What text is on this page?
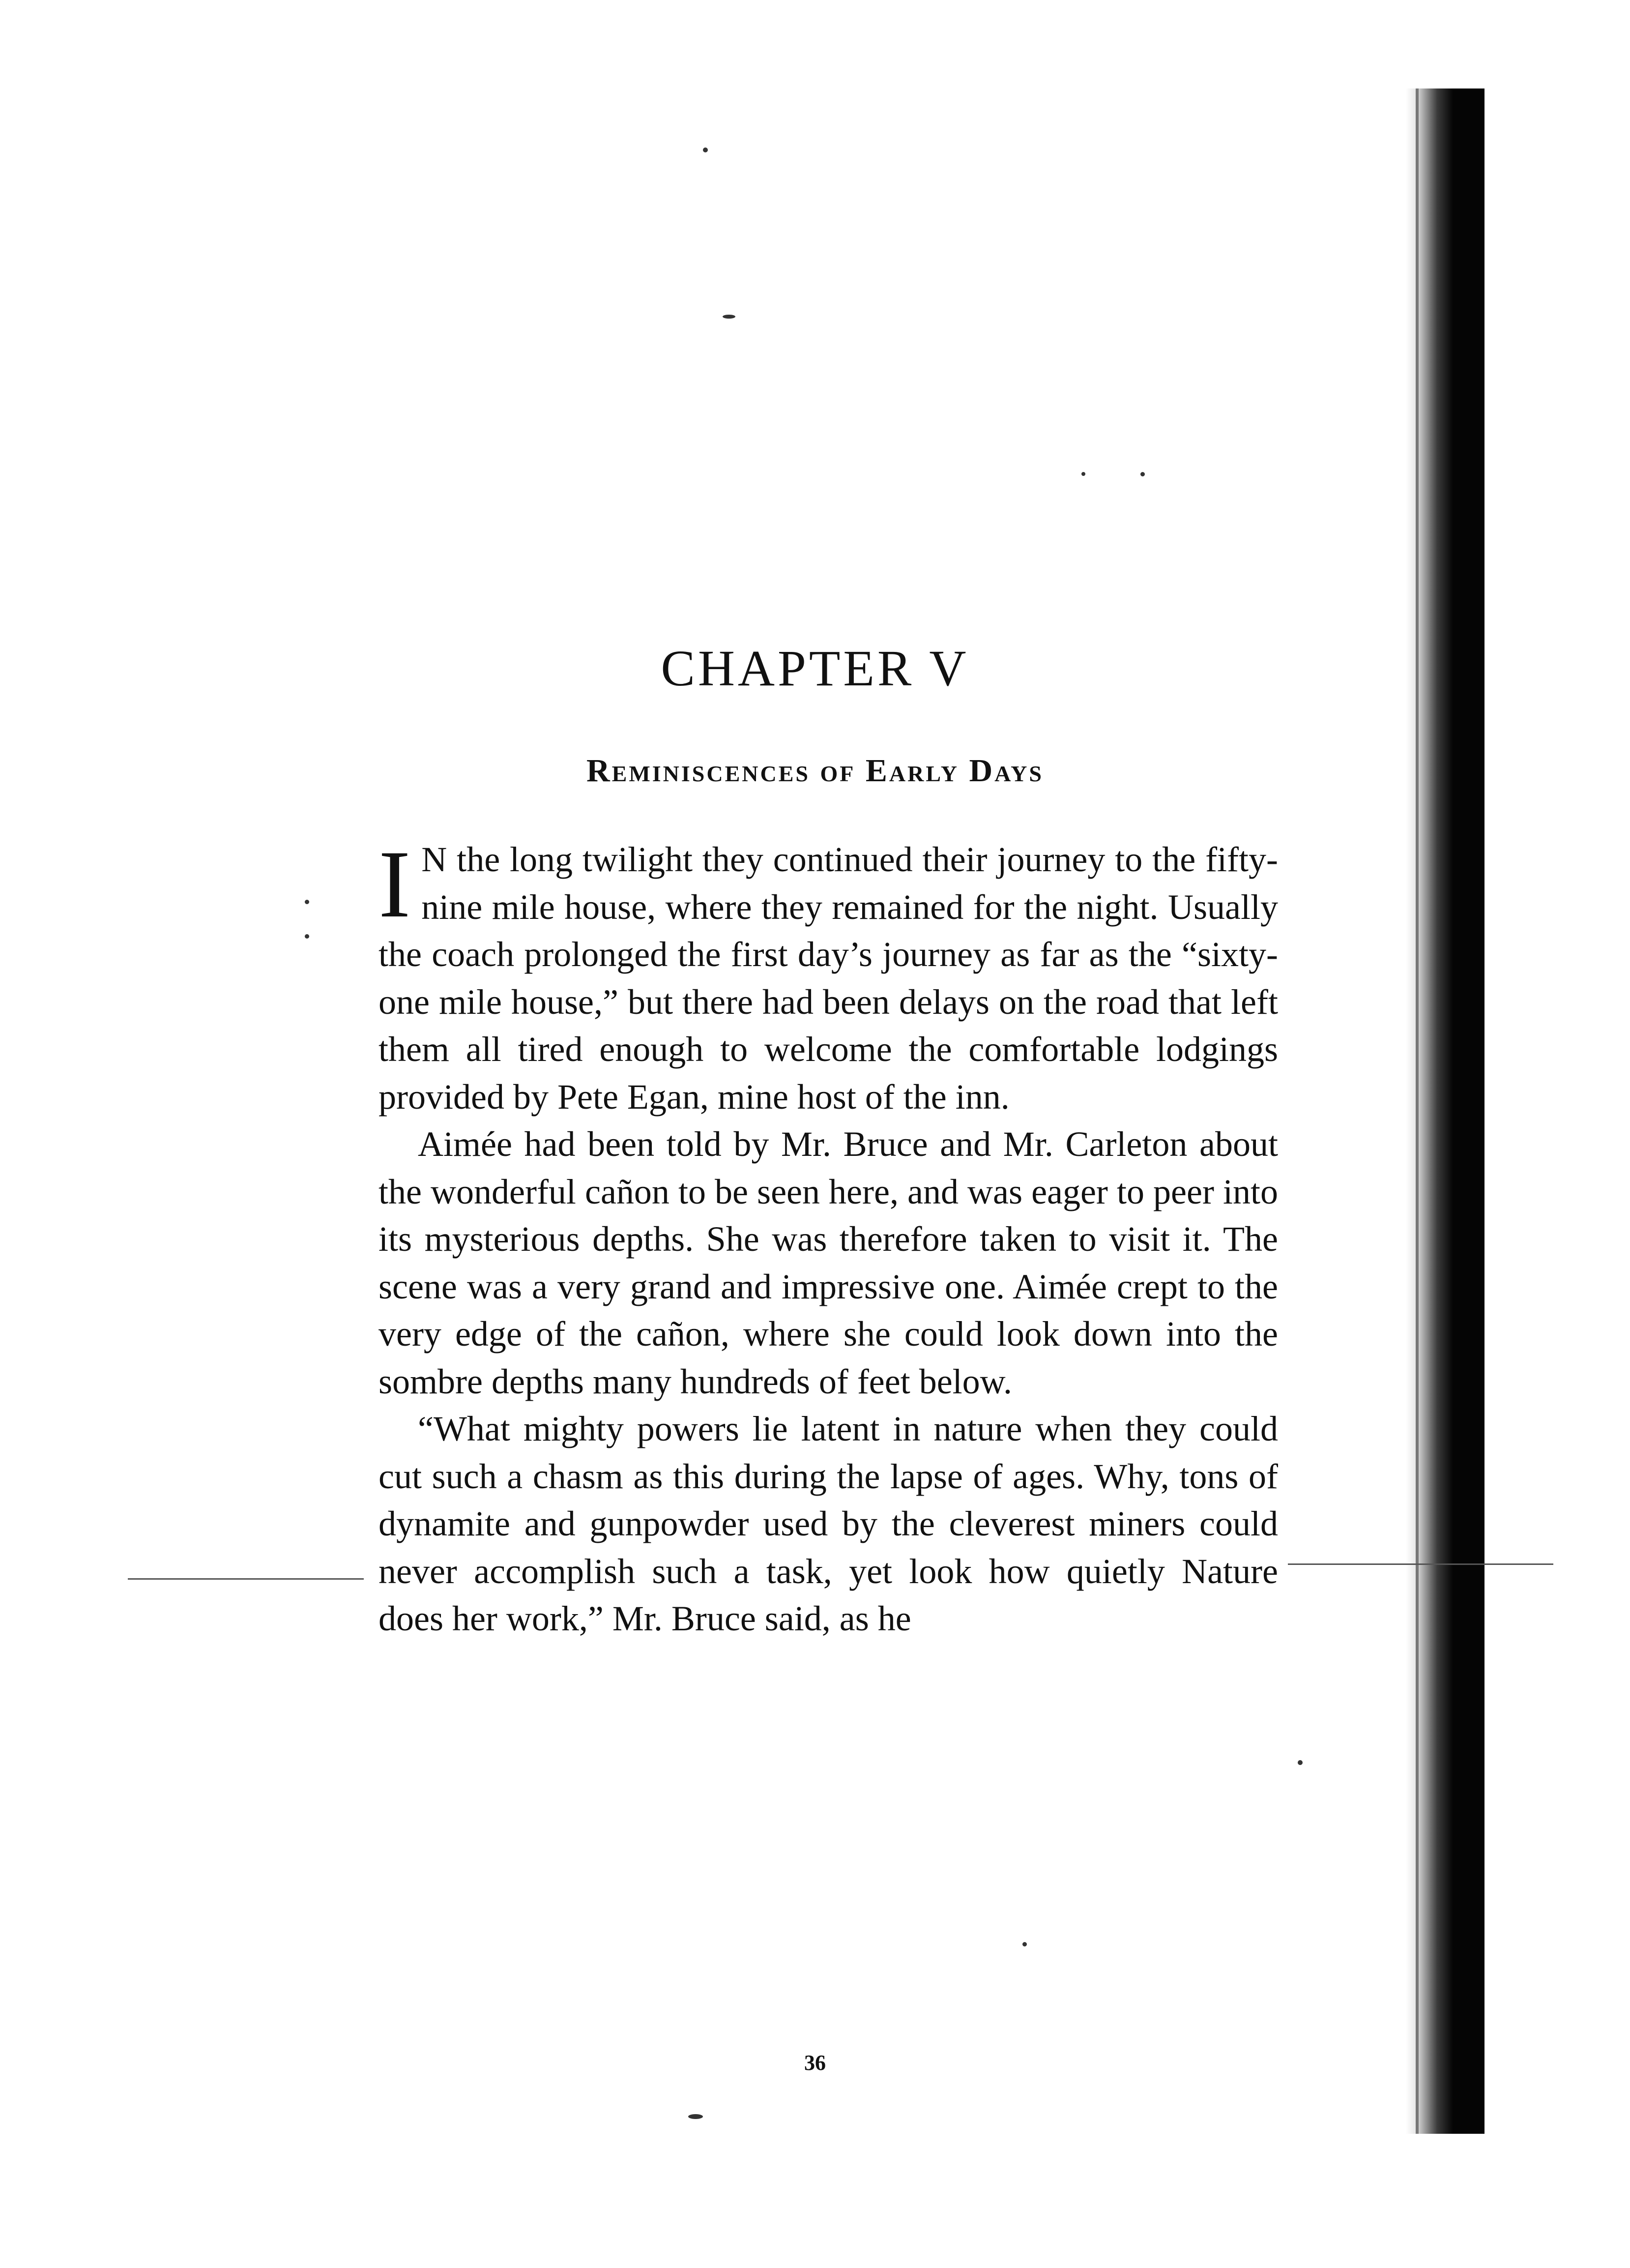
CHAPTER V
Reminiscences of Early Days

I N the long twilight they continued their journey to the fifty-nine mile house, where they remained for the night. Usually the coach prolonged the first day’s journey as far as the “sixty-one mile house,” but there had been delays on the road that left them all tired enough to welcome the comfortable lodgings provided by Pete Egan, mine host of the inn.

Aimée had been told by Mr. Bruce and Mr. Carleton about the wonderful cañon to be seen here, and was eager to peer into its mysterious depths. She was therefore taken to visit it. The scene was a very grand and impressive one. Aimée crept to the very edge of the cañon, where she could look down into the sombre depths many hundreds of feet below.

“What mighty powers lie latent in nature when they could cut such a chasm as this during the lapse of ages. Why, tons of dynamite and gunpowder used by the cleverest miners could never accomplish such a task, yet look how quietly Nature does her work,” Mr. Bruce said, as he

36
